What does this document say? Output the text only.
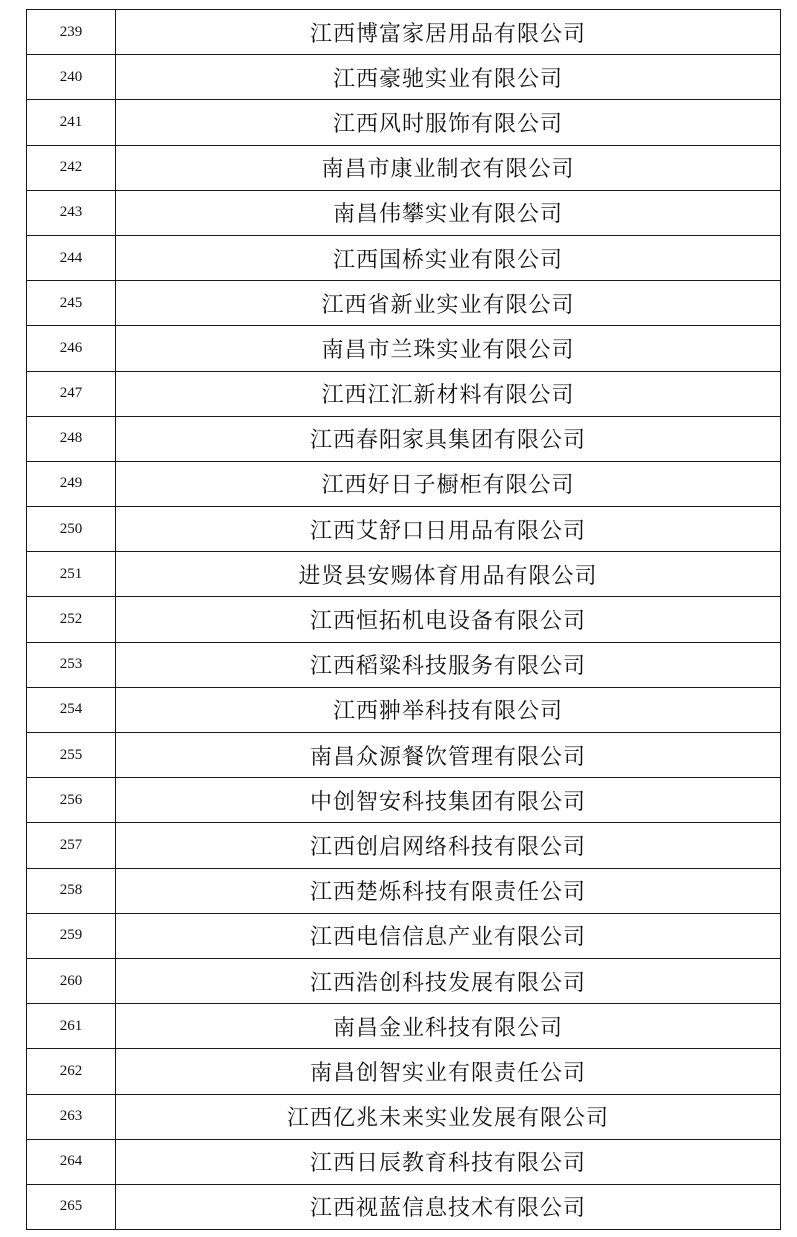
239	江西博富家居用品有限公司
240	江西豪驰实业有限公司
241	江西风时服饰有限公司
242	南昌市康业制衣有限公司
243	南昌伟攀实业有限公司
244	江西国桥实业有限公司
245	江西省新业实业有限公司
246	南昌市兰珠实业有限公司
247	江西江汇新材料有限公司
248	江西春阳家具集团有限公司
249	江西好日子橱柜有限公司
250	江西艾舒口日用品有限公司
251	进贤县安赐体育用品有限公司
252	江西恒拓机电设备有限公司
253	江西稻粱科技服务有限公司
254	江西翀举科技有限公司
255	南昌众源餐饮管理有限公司
256	中创智安科技集团有限公司
257	江西创启网络科技有限公司
258	江西楚烁科技有限责任公司
259	江西电信信息产业有限公司
260	江西浩创科技发展有限公司
261	南昌金业科技有限公司
262	南昌创智实业有限责任公司
263	江西亿兆未来实业发展有限公司
264	江西日辰教育科技有限公司
265	江西视蓝信息技术有限公司
